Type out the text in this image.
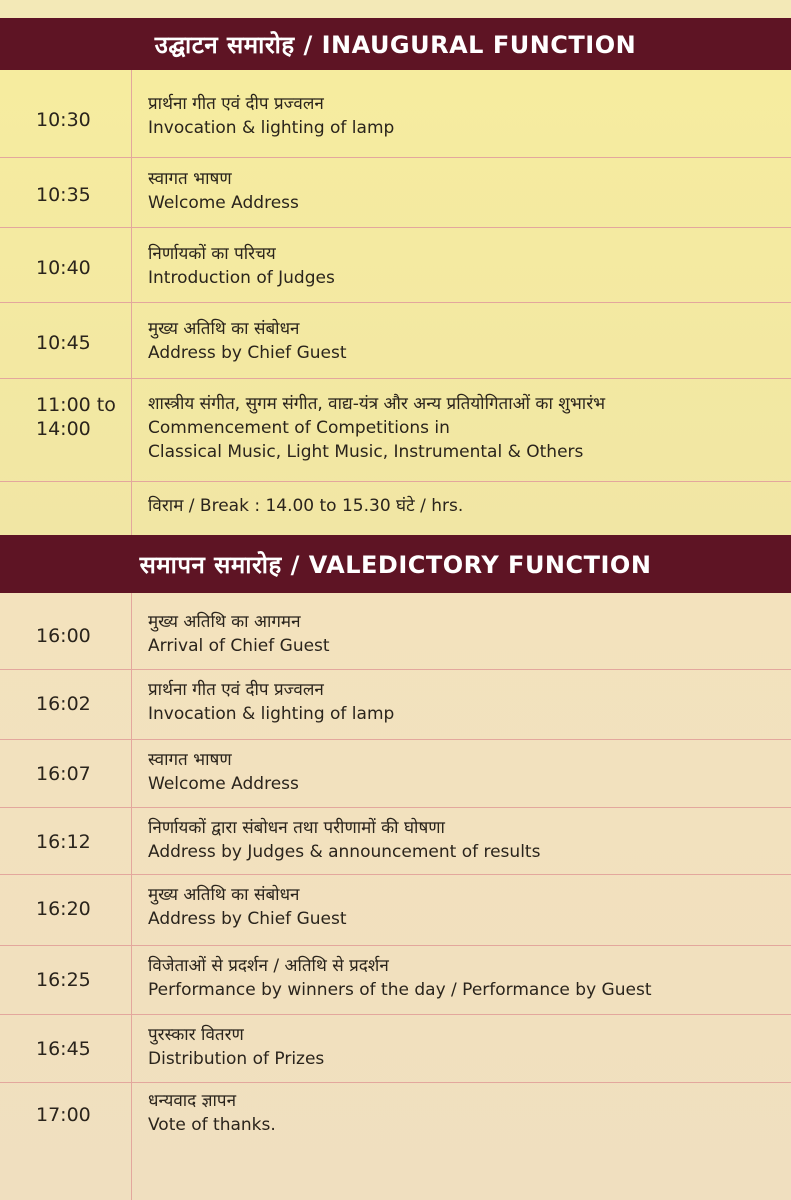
उद्घाटन समारोह / INAUGURAL FUNCTION
10:30
प्रार्थना गीत एवं दीप प्रज्वलन
Invocation & lighting of lamp
10:35
स्वागत भाषण
Welcome Address
10:40
निर्णायकों का परिचय
Introduction of Judges
10:45
मुख्य अतिथि का संबोधन
Address by Chief Guest
11:00 to
14:00
शास्त्रीय संगीत, सुगम संगीत, वाद्य-यंत्र और अन्य प्रतियोगिताओं का शुभारंभ
Commencement of Competitions in
Classical Music, Light Music, Instrumental & Others
विराम / Break : 14.00 to 15.30 घंटे / hrs.
समापन समारोह / VALEDICTORY FUNCTION
16:00
मुख्य अतिथि का आगमन
Arrival of Chief Guest
16:02
प्रार्थना गीत एवं दीप प्रज्वलन
Invocation & lighting of lamp
16:07
स्वागत भाषण
Welcome Address
16:12
निर्णायकों द्वारा संबोधन तथा परीणामों की घोषणा
Address by Judges & announcement of results
16:20
मुख्य अतिथि का संबोधन
Address by Chief Guest
16:25
विजेताओं से प्रदर्शन / अतिथि से प्रदर्शन
Performance by winners of the day / Performance by Guest
16:45
पुरस्कार वितरण
Distribution of Prizes
17:00
धन्यवाद ज्ञापन
Vote of thanks.
